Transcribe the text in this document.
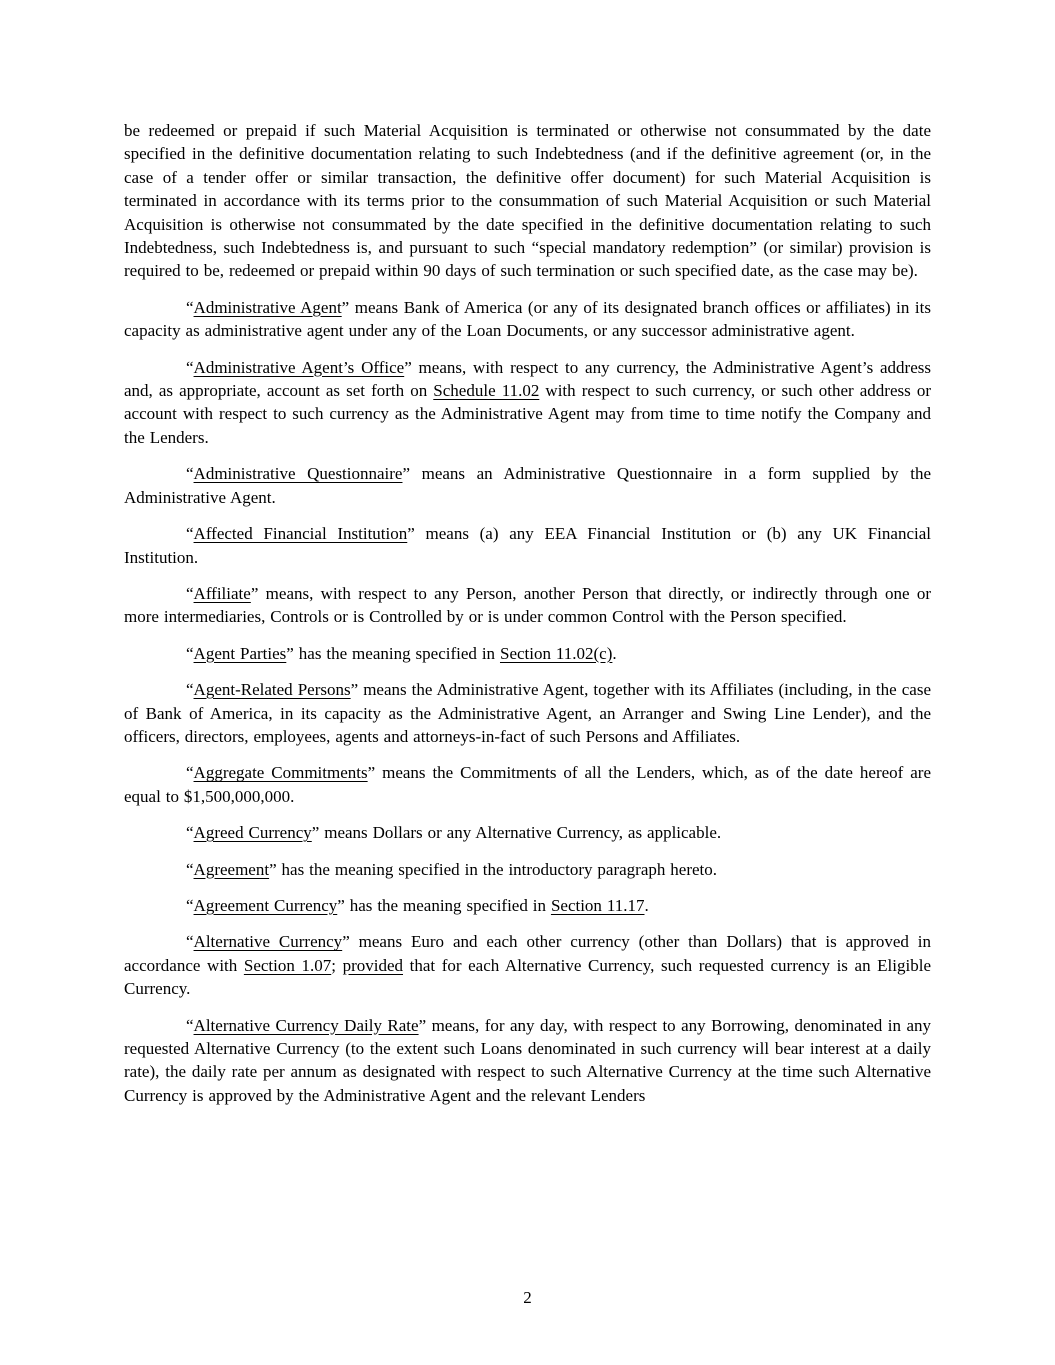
be redeemed or prepaid if such Material Acquisition is terminated or otherwise not consummated by the date specified in the definitive documentation relating to such Indebtedness (and if the definitive agreement (or, in the case of a tender offer or similar transaction, the definitive offer document) for such Material Acquisition is terminated in accordance with its terms prior to the consummation of such Material Acquisition or such Material Acquisition is otherwise not consummated by the date specified in the definitive documentation relating to such Indebtedness, such Indebtedness is, and pursuant to such “special mandatory redemption” (or similar) provision is required to be, redeemed or prepaid within 90 days of such termination or such specified date, as the case may be).

“Administrative Agent” means Bank of America (or any of its designated branch offices or affiliates) in its capacity as administrative agent under any of the Loan Documents, or any successor administrative agent.

“Administrative Agent’s Office” means, with respect to any currency, the Administrative Agent’s address and, as appropriate, account as set forth on Schedule 11.02 with respect to such currency, or such other address or account with respect to such currency as the Administrative Agent may from time to time notify the Company and the Lenders.

“Administrative Questionnaire” means an Administrative Questionnaire in a form supplied by the Administrative Agent.

“Affected Financial Institution” means (a) any EEA Financial Institution or (b) any UK Financial Institution.

“Affiliate” means, with respect to any Person, another Person that directly, or indirectly through one or more intermediaries, Controls or is Controlled by or is under common Control with the Person specified.

“Agent Parties” has the meaning specified in Section 11.02(c).

“Agent-Related Persons” means the Administrative Agent, together with its Affiliates (including, in the case of Bank of America, in its capacity as the Administrative Agent, an Arranger and Swing Line Lender), and the officers, directors, employees, agents and attorneys-in-fact of such Persons and Affiliates.

“Aggregate Commitments” means the Commitments of all the Lenders, which, as of the date hereof are equal to $1,500,000,000.

“Agreed Currency” means Dollars or any Alternative Currency, as applicable.

“Agreement” has the meaning specified in the introductory paragraph hereto.

“Agreement Currency” has the meaning specified in Section 11.17.

“Alternative Currency” means Euro and each other currency (other than Dollars) that is approved in accordance with Section 1.07; provided that for each Alternative Currency, such requested currency is an Eligible Currency.

“Alternative Currency Daily Rate” means, for any day, with respect to any Borrowing, denominated in any requested Alternative Currency (to the extent such Loans denominated in such currency will bear interest at a daily rate), the daily rate per annum as designated with respect to such Alternative Currency at the time such Alternative Currency is approved by the Administrative Agent and the relevant Lenders

2
